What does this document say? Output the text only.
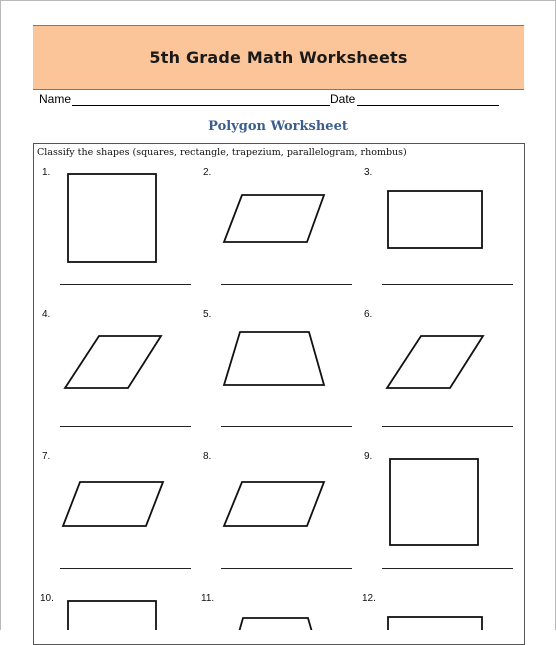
5th Grade Math Worksheets
Name	Date
Polygon Worksheet
Classify the shapes (squares, rectangle, trapezium, parallelogram, rhombus)
1.	2.	3.
4.	5.	6.
7.	8.	9.
10.	11.	12.
